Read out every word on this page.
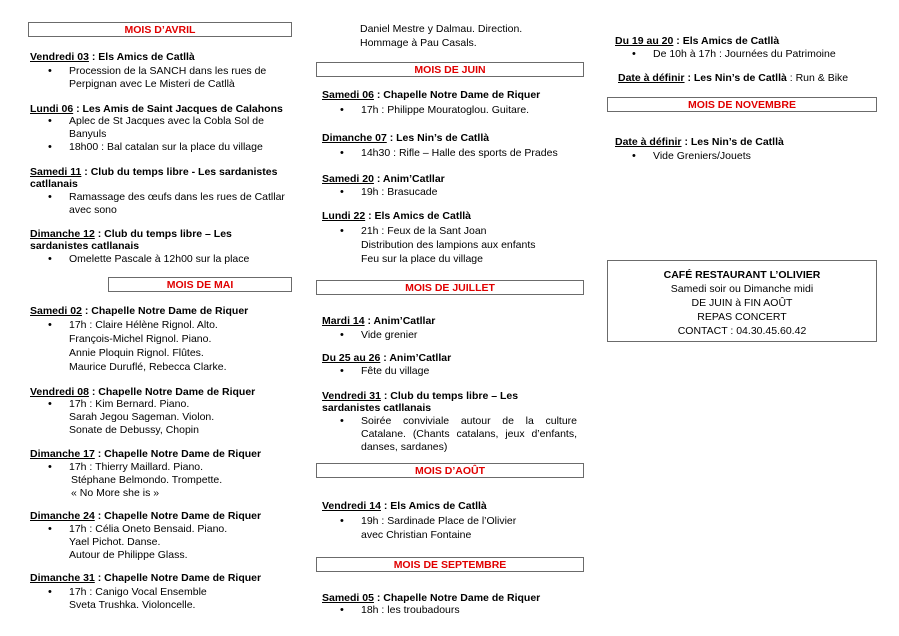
MOIS D’AVRIL
Vendredi 03 : Els Amics de Catllà
• Procession de la SANCH dans les rues de
Perpignan avec Le Misteri de Catllà
Lundi 06 : Les Amis de Saint Jacques de Calahons
• Aplec de St Jacques avec la Cobla Sol de
Banyuls
• 18h00 : Bal catalan sur la place du village
Samedi 11 : Club du temps libre - Les sardanistes
catllanais
• Ramassage des œufs dans les rues de Catllar
avec sono
Dimanche 12 : Club du temps libre – Les
sardanistes catllanais
• Omelette Pascale à 12h00 sur la place
MOIS DE MAI
Samedi 02 : Chapelle Notre Dame de Riquer
• 17h : Claire Hélène Rignol. Alto.
François-Michel Rignol. Piano.
Annie Ploquin Rignol. Flûtes.
Maurice Duruflé, Rebecca Clarke.
Vendredi 08 : Chapelle Notre Dame de Riquer
• 17h : Kim Bernard. Piano.
Sarah Jegou Sageman. Violon.
Sonate de Debussy, Chopin
Dimanche 17 : Chapelle Notre Dame de Riquer
• 17h : Thierry Maillard. Piano.
Stéphane Belmondo. Trompette.
« No More she is »
Dimanche 24 : Chapelle Notre Dame de Riquer
• 17h : Célia Oneto Bensaid. Piano.
Yael Pichot. Danse.
Autour de Philippe Glass.
Dimanche 31 : Chapelle Notre Dame de Riquer
• 17h : Canigo Vocal Ensemble
Sveta Trushka. Violoncelle.
Daniel Mestre y Dalmau. Direction.
Hommage à Pau Casals.
MOIS DE JUIN
Samedi 06 : Chapelle Notre Dame de Riquer
• 17h : Philippe Mouratoglou. Guitare.
Dimanche 07 : Les Nin’s de Catllà
• 14h30 : Rifle – Halle des sports de Prades
Samedi 20 : Anim’Catllar
• 19h : Brasucade
Lundi 22 : Els Amics de Catllà
• 21h : Feux de la Sant Joan
Distribution des lampions aux enfants
Feu sur la place du village
MOIS DE JUILLET
Mardi 14 : Anim’Catllar
• Vide grenier
Du 25 au 26 : Anim’Catllar
• Fête du village
Vendredi 31 : Club du temps libre – Les
sardanistes catllanais
• Soirée conviviale autour de la culture Catalane. (Chants catalans, jeux d’enfants, danses, sardanes)
MOIS D’AOÛT
Vendredi 14 : Els Amics de Catllà
• 19h : Sardinade Place de l’Olivier
avec Christian Fontaine
MOIS DE SEPTEMBRE
Samedi 05 : Chapelle Notre Dame de Riquer
• 18h : les troubadours
Du 19 au 20 : Els Amics de Catllà
• De 10h à 17h : Journées du Patrimoine
Date à définir : Les Nin’s de Catllà : Run & Bike
MOIS DE NOVEMBRE
Date à définir : Les Nin’s de Catllà
• Vide Greniers/Jouets
CAFÉ RESTAURANT L’OLIVIER
Samedi soir ou Dimanche midi
DE JUIN à FIN AOÛT
REPAS CONCERT
CONTACT : 04.30.45.60.42
